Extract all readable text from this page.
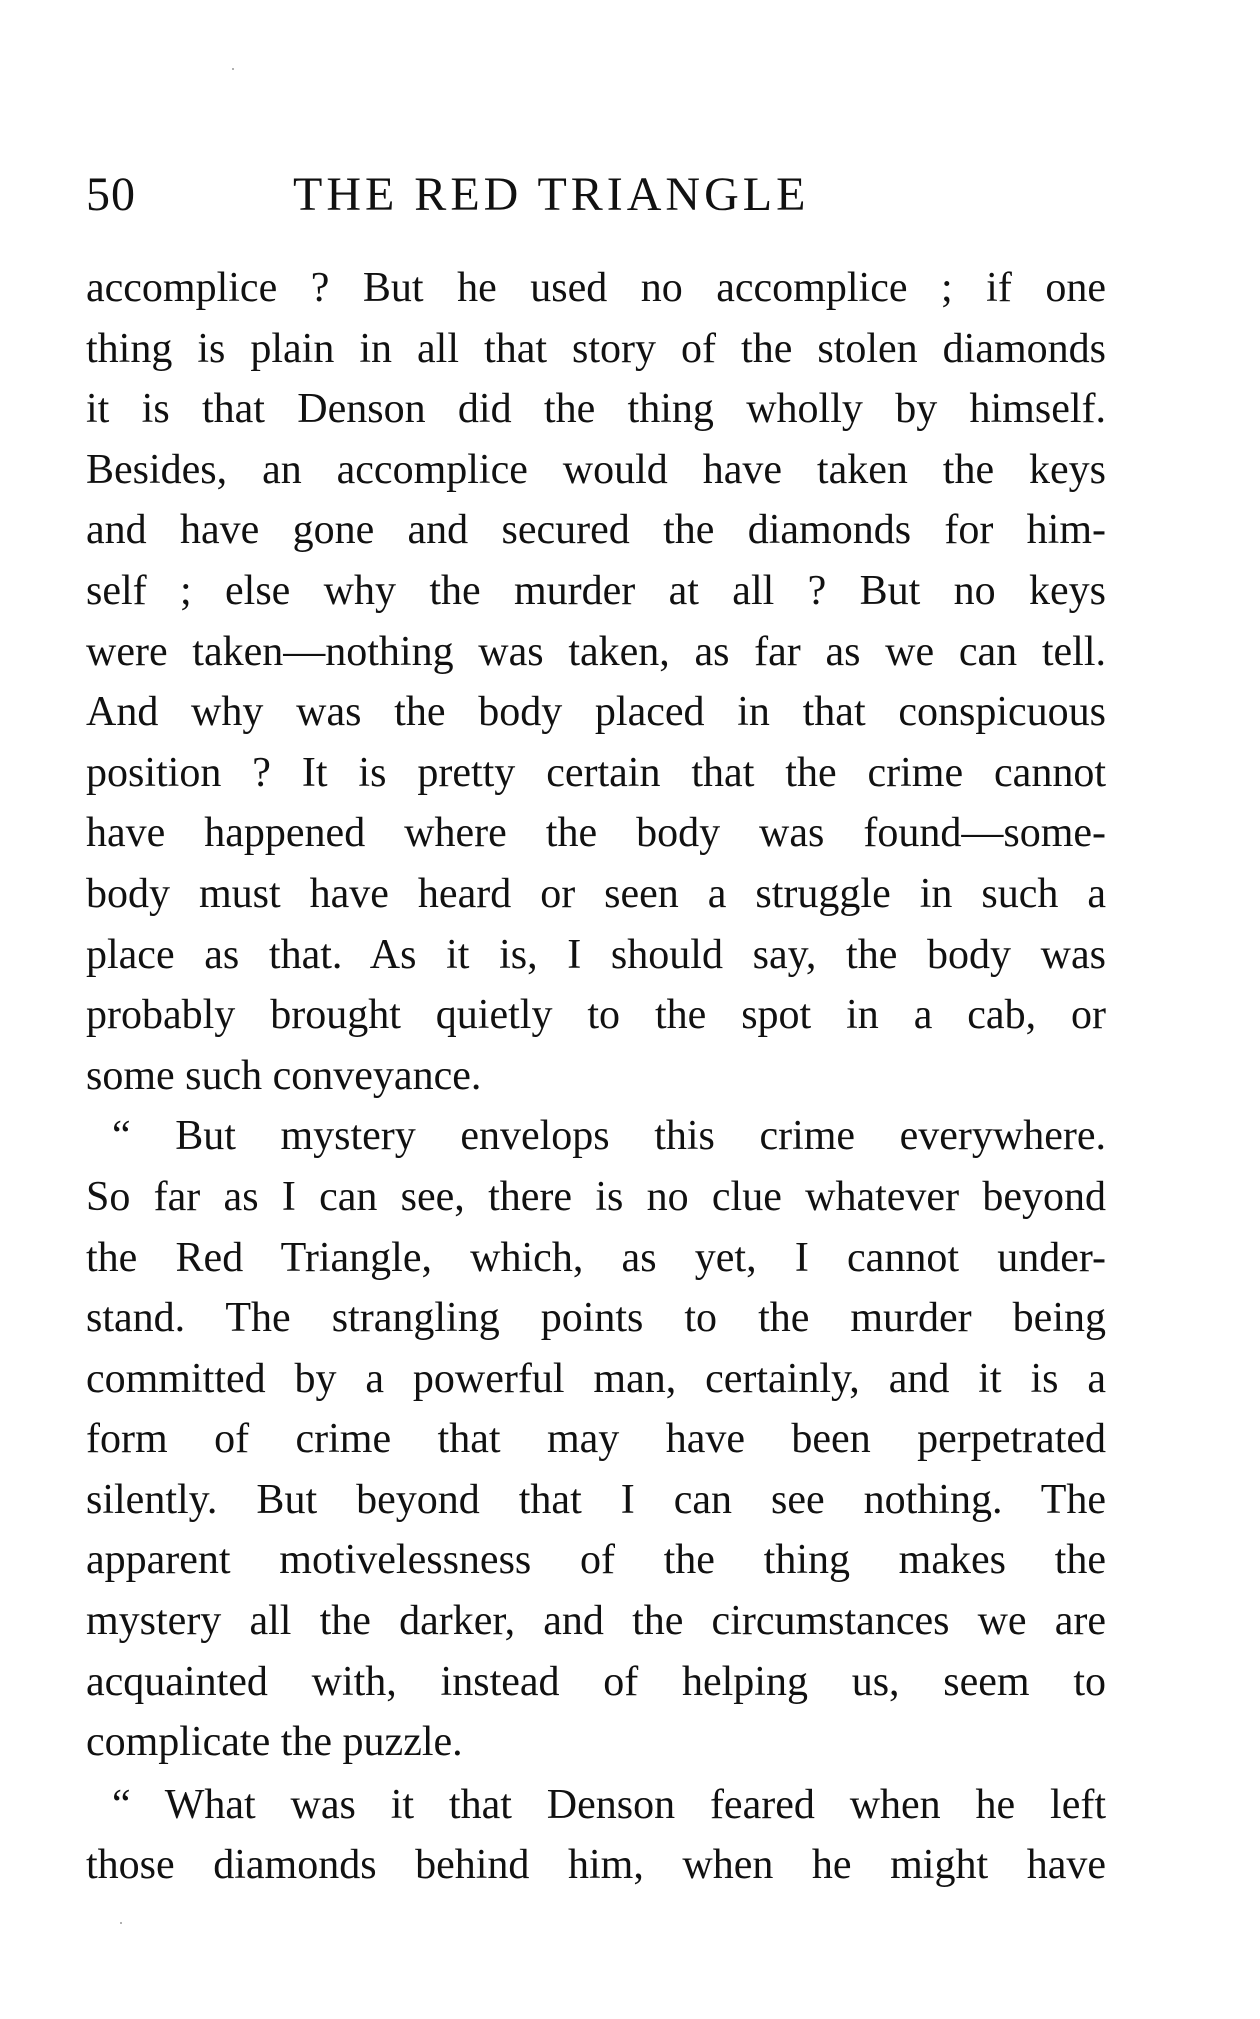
50	THE RED TRIANGLE
accomplice ? But he used no accomplice ; if one
thing is plain in all that story of the stolen diamonds
it is that Denson did the thing wholly by himself.
Besides, an accomplice would have taken the keys
and have gone and secured the diamonds for him-
self ; else why the murder at all ? But no keys
were taken—nothing was taken, as far as we can tell.
And why was the body placed in that conspicuous
position ? It is pretty certain that the crime cannot
have happened where the body was found—some-
body must have heard or seen a struggle in such a
place as that. As it is, I should say, the body was
probably brought quietly to the spot in a cab, or
some such conveyance.
“ But mystery envelops this crime everywhere.
So far as I can see, there is no clue whatever beyond
the Red Triangle, which, as yet, I cannot under-
stand. The strangling points to the murder being
committed by a powerful man, certainly, and it is a
form of crime that may have been perpetrated
silently. But beyond that I can see nothing. The
apparent motivelessness of the thing makes the
mystery all the darker, and the circumstances we are
acquainted with, instead of helping us, seem to
complicate the puzzle.
“ What was it that Denson feared when he left
those diamonds behind him, when he might have
